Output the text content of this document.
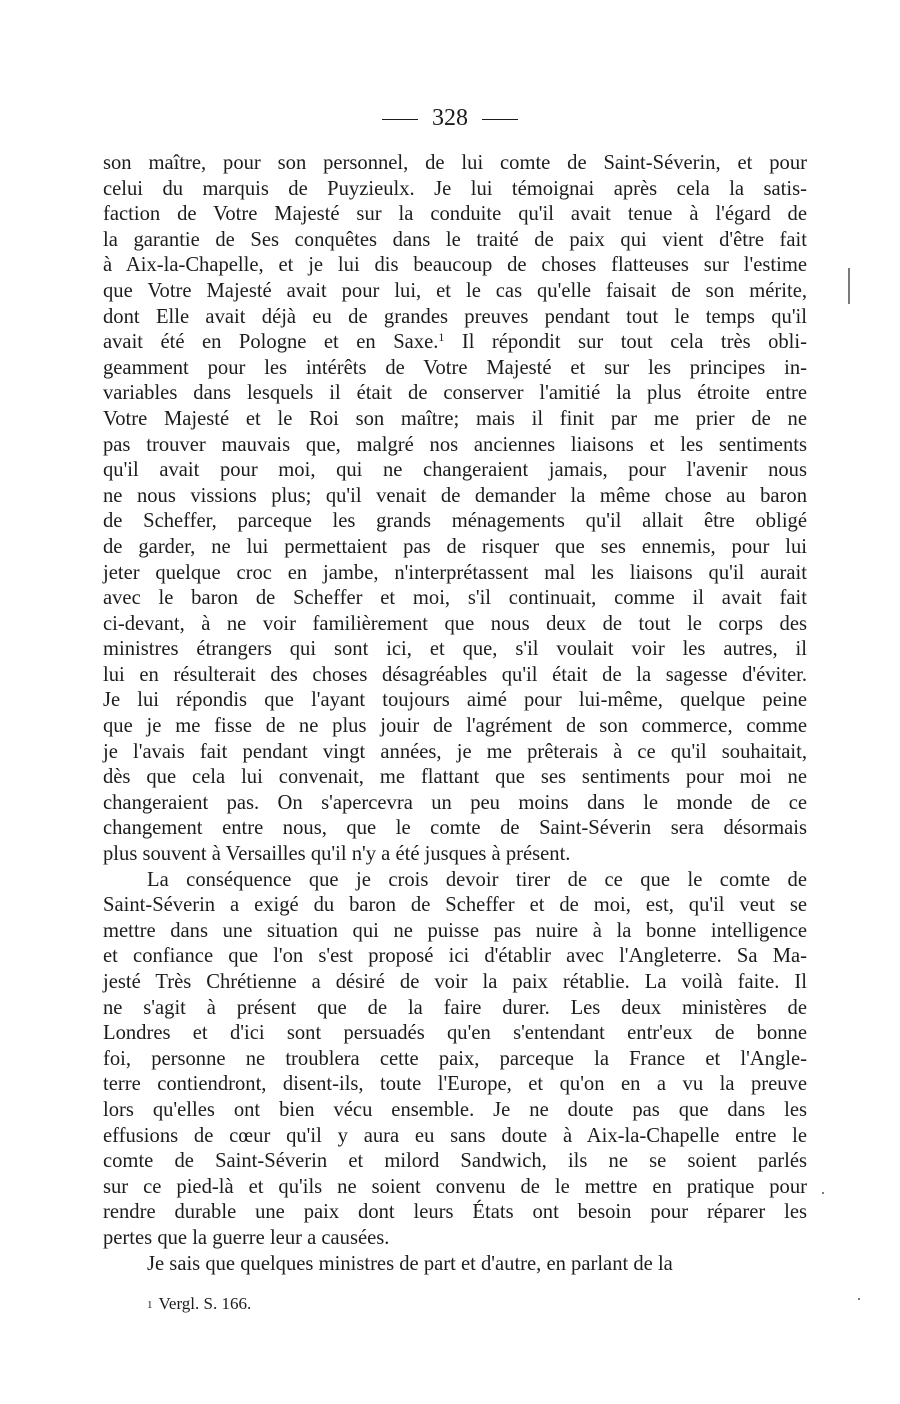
328
son maître, pour son personnel, de lui comte de Saint-Séverin, et pour
celui du marquis de Puyzieulx. Je lui témoignai après cela la satis-
faction de Votre Majesté sur la conduite qu'il avait tenue à l'égard de
la garantie de Ses conquêtes dans le traité de paix qui vient d'être fait
à Aix-la-Chapelle, et je lui dis beaucoup de choses flatteuses sur l'estime
que Votre Majesté avait pour lui, et le cas qu'elle faisait de son mérite,
dont Elle avait déjà eu de grandes preuves pendant tout le temps qu'il
avait été en Pologne et en Saxe.$^1$ Il répondit sur tout cela très obli-
geamment pour les intérêts de Votre Majesté et sur les principes in-
variables dans lesquels il était de conserver l'amitié la plus étroite entre
Votre Majesté et le Roi son maître; mais il finit par me prier de ne
pas trouver mauvais que, malgré nos anciennes liaisons et les sentiments
qu'il avait pour moi, qui ne changeraient jamais, pour l'avenir nous
ne nous vissions plus; qu'il venait de demander la même chose au baron
de Scheffer, parceque les grands ménagements qu'il allait être obligé
de garder, ne lui permettaient pas de risquer que ses ennemis, pour lui
jeter quelque croc en jambe, n'interprétassent mal les liaisons qu'il aurait
avec le baron de Scheffer et moi, s'il continuait, comme il avait fait
ci-devant, à ne voir familièrement que nous deux de tout le corps des
ministres étrangers qui sont ici, et que, s'il voulait voir les autres, il
lui en résulterait des choses désagréables qu'il était de la sagesse d'éviter.
Je lui répondis que l'ayant toujours aimé pour lui-même, quelque peine
que je me fisse de ne plus jouir de l'agrément de son commerce, comme
je l'avais fait pendant vingt années, je me prêterais à ce qu'il souhaitait,
dès que cela lui convenait, me flattant que ses sentiments pour moi ne
changeraient pas. On s'apercevra un peu moins dans le monde de ce
changement entre nous, que le comte de Saint-Séverin sera désormais
plus souvent à Versailles qu'il n'y a été jusques à présent.
La conséquence que je crois devoir tirer de ce que le comte de
Saint-Séverin a exigé du baron de Scheffer et de moi, est, qu'il veut se
mettre dans une situation qui ne puisse pas nuire à la bonne intelligence
et confiance que l'on s'est proposé ici d'établir avec l'Angleterre. Sa Ma-
jesté Très Chrétienne a désiré de voir la paix rétablie. La voilà faite. Il
ne s'agit à présent que de la faire durer. Les deux ministères de
Londres et d'ici sont persuadés qu'en s'entendant entr'eux de bonne
foi, personne ne troublera cette paix, parceque la France et l'Angle-
terre contiendront, disent-ils, toute l'Europe, et qu'on en a vu la preuve
lors qu'elles ont bien vécu ensemble. Je ne doute pas que dans les
effusions de cœur qu'il y aura eu sans doute à Aix-la-Chapelle entre le
comte de Saint-Séverin et milord Sandwich, ils ne se soient parlés
sur ce pied-là et qu'ils ne soient convenu de le mettre en pratique pour
rendre durable une paix dont leurs États ont besoin pour réparer les
pertes que la guerre leur a causées.
Je sais que quelques ministres de part et d'autre, en parlant de la
1 Vergl. S. 166.
